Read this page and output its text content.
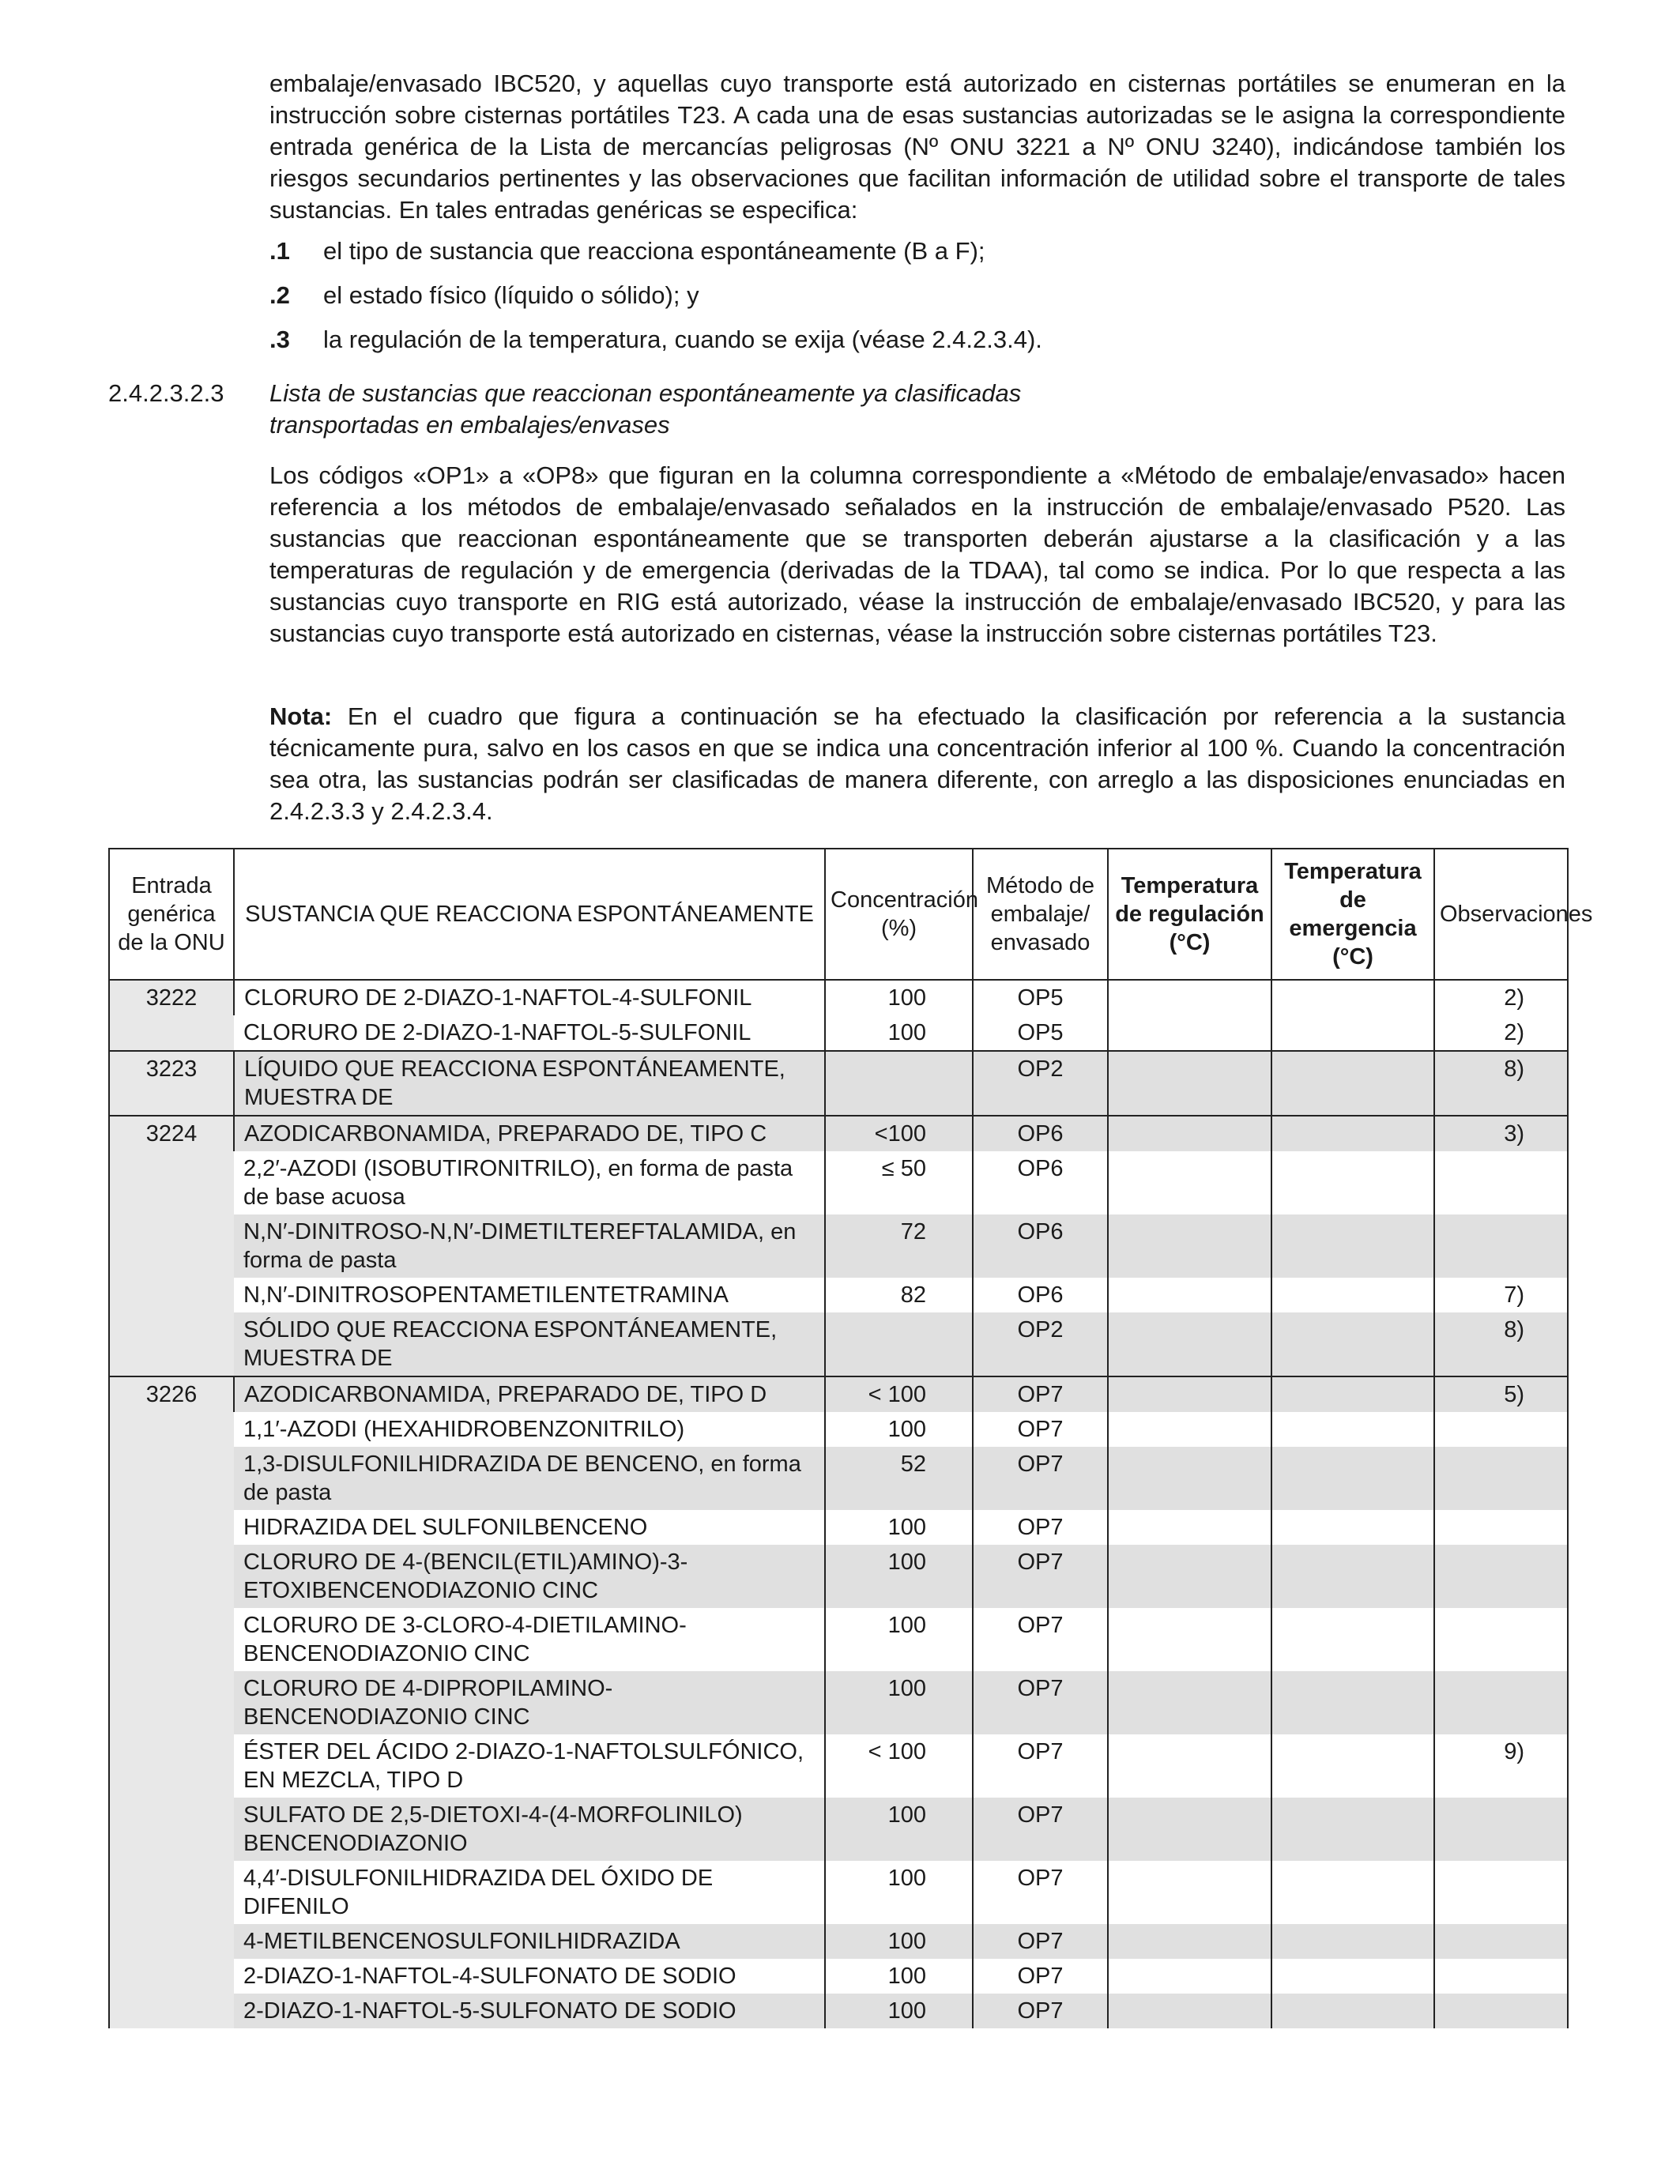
embalaje/envasado IBC520, y aquellas cuyo transporte está autorizado en cisternas portátiles se enumeran en la instrucción sobre cisternas portátiles T23. A cada una de esas sustancias autorizadas se le asigna la correspondiente entrada genérica de la Lista de mercancías peligrosas (Nº ONU 3221 a Nº ONU 3240), indicándose también los riesgos secundarios pertinentes y las observaciones que facilitan información de utilidad sobre el transporte de tales sustancias. En tales entradas genéricas se especifica:

.1 el tipo de sustancia que reacciona espontáneamente (B a F);
.2 el estado físico (líquido o sólido); y
.3 la regulación de la temperatura, cuando se exija (véase 2.4.2.3.4).
2.4.2.3.2.3 Lista de sustancias que reaccionan espontáneamente ya clasificadas
transportadas en embalajes/envases

Los códigos «OP1» a «OP8» que figuran en la columna correspondiente a «Método de embalaje/envasado» hacen referencia a los métodos de embalaje/envasado señalados en la instrucción de embalaje/envasado P520. Las sustancias que reaccionan espontáneamente que se transporten deberán ajustarse a la clasificación y a las temperaturas de regulación y de emergencia (derivadas de la TDAA), tal como se indica. Por lo que respecta a las sustancias cuyo transporte en RIG está autorizado, véase la instrucción de embalaje/envasado IBC520, y para las sustancias cuyo transporte está autorizado en cisternas, véase la instrucción sobre cisternas portátiles T23.

Nota: En el cuadro que figura a continuación se ha efectuado la clasificación por referencia a la sustancia técnicamente pura, salvo en los casos en que se indica una concentración inferior al 100 %. Cuando la concentración sea otra, las sustancias podrán ser clasificadas de manera diferente, con arreglo a las disposiciones enunciadas en 2.4.2.3.3 y 2.4.2.3.4.

Entrada genérica de la ONU	SUSTANCIA QUE REACCIONA ESPONTÁNEAMENTE	Concentración (%)	Método de embalaje/ envasado	Temperatura de regulación (°C)	Temperatura de emergencia (°C)	Observaciones
3222	CLORURO DE 2-DIAZO-1-NAFTOL-4-SULFONIL	100	OP5			2)
	CLORURO DE 2-DIAZO-1-NAFTOL-5-SULFONIL	100	OP5			2)
3223	LÍQUIDO QUE REACCIONA ESPONTÁNEAMENTE, MUESTRA DE		OP2			8)
3224	AZODICARBONAMIDA, PREPARADO DE, TIPO C	<100	OP6			3)
	2,2′-AZODI (ISOBUTIRONITRILO), en forma de pasta de base acuosa	≤ 50	OP6			
	N,N′-DINITROSO-N,N′-DIMETILTEREFTALAMIDA, en forma de pasta	72	OP6			
	N,N′-DINITROSOPENTAMETILENTETRAMINA	82	OP6			7)
	SÓLIDO QUE REACCIONA ESPONTÁNEAMENTE, MUESTRA DE		OP2			8)
3226	AZODICARBONAMIDA, PREPARADO DE, TIPO D	< 100	OP7			5)
	1,1′-AZODI (HEXAHIDROBENZONITRILO)	100	OP7			
	1,3-DISULFONILHIDRAZIDA DE BENCENO, en forma de pasta	52	OP7			
	HIDRAZIDA DEL SULFONILBENCENO	100	OP7			
	CLORURO DE 4-(BENCIL(ETIL)AMINO)-3-ETOXIBENCENODIAZONIO CINC	100	OP7			
	CLORURO DE 3-CLORO-4-DIETILAMINO-BENCENODIAZONIO CINC	100	OP7			
	CLORURO DE 4-DIPROPILAMINO-BENCENODIAZONIO CINC	100	OP7			
	ÉSTER DEL ÁCIDO 2-DIAZO-1-NAFTOLSULFÓNICO, EN MEZCLA, TIPO D	< 100	OP7			9)
	SULFATO DE 2,5-DIETOXI-4-(4-MORFOLINILO) BENCENODIAZONIO	100	OP7			
	4,4′-DISULFONILHIDRAZIDA DEL ÓXIDO DE DIFENILO	100	OP7			
	4-METILBENCENOSULFONILHIDRAZIDA	100	OP7			
	2-DIAZO-1-NAFTOL-4-SULFONATO DE SODIO	100	OP7			
	2-DIAZO-1-NAFTOL-5-SULFONATO DE SODIO	100	OP7			
